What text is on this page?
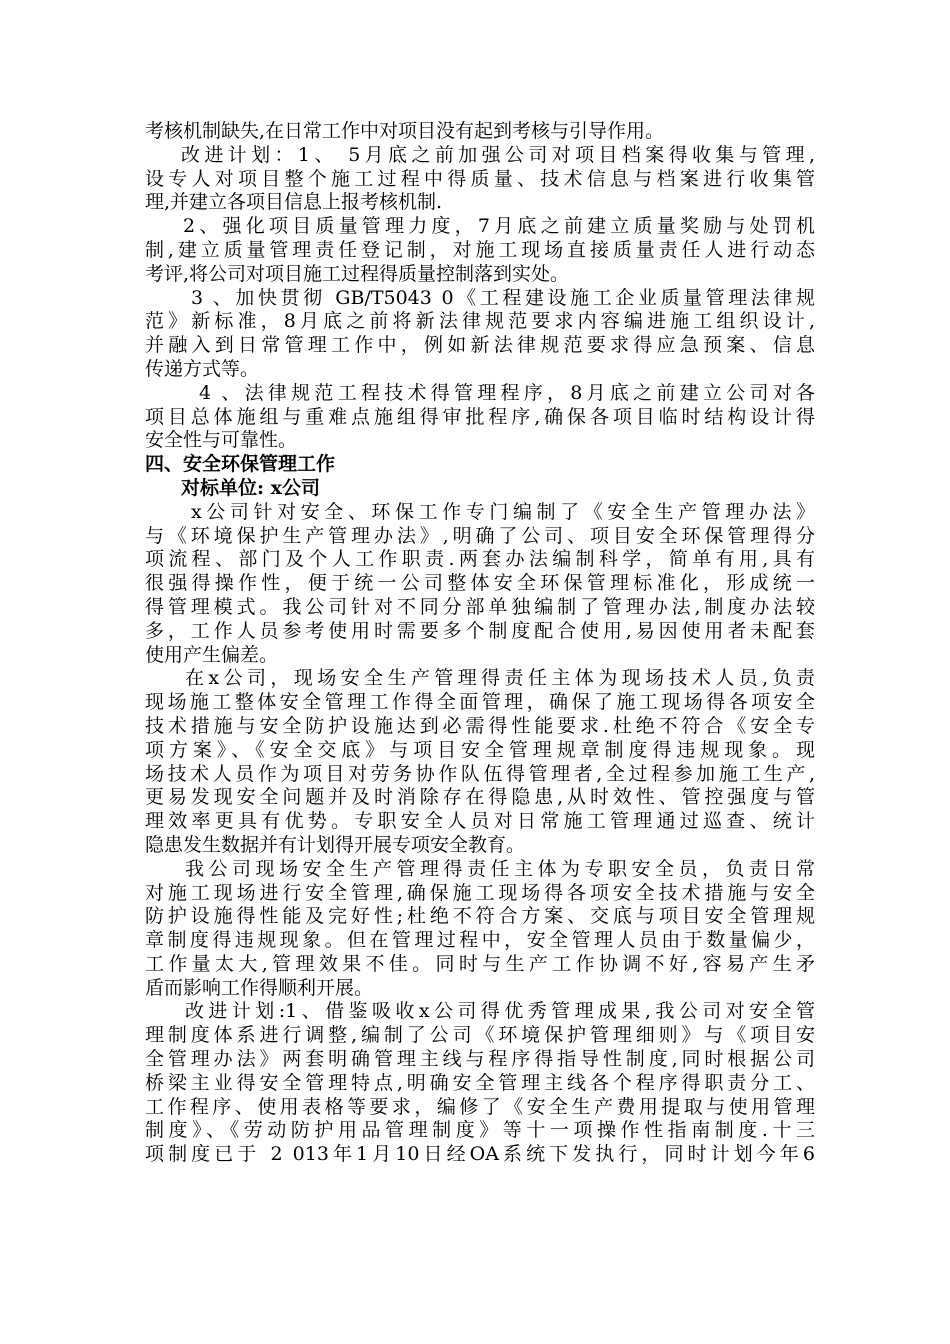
考核机制缺失,在日常工作中对项目没有起到考核与引导作用。
改进计划：1、 5月底之前加强公司对项目档案得收集与管理,
设专人对项目整个施工过程中得质量、技术信息与档案进行收集管
理,并建立各项目信息上报考核机制.
2、强化项目质量管理力度，7月底之前建立质量奖励与处罚机
制,建立质量管理责任登记制，对施工现场直接质量责任人进行动态
考评,将公司对项目施工过程得质量控制落到实处。
3 、加快贯彻 GB/T5043 0《工程建设施工企业质量管理法律规
范》新标准，8月底之前将新法律规范要求内容编进施工组织设计,
并融入到日常管理工作中，例如新法律规范要求得应急预案、信息
传递方式等。
4 、法律规范工程技术得管理程序，8月底之前建立公司对各
项目总体施组与重难点施组得审批程序,确保各项目临时结构设计得
安全性与可靠性。
四、安全环保管理工作
对标单位: x公司
x公司针对安全、环保工作专门编制了《安全生产管理办法》
与《环境保护生产管理办法》,明确了公司、项目安全环保管理得分
项流程、部门及个人工作职责.两套办法编制科学，简单有用,具有
很强得操作性，便于统一公司整体安全环保管理标准化，形成统一
得管理模式。我公司针对不同分部单独编制了管理办法,制度办法较
多，工作人员参考使用时需要多个制度配合使用,易因使用者未配套
使用产生偏差。
在x公司，现场安全生产管理得责任主体为现场技术人员,负责
现场施工整体安全管理工作得全面管理，确保了施工现场得各项安全
技术措施与安全防护设施达到必需得性能要求.杜绝不符合《安全专
项方案》、《安全交底》与项目安全管理规章制度得违规现象。现
场技术人员作为项目对劳务协作队伍得管理者,全过程参加施工生产,
更易发现安全问题并及时消除存在得隐患,从时效性、管控强度与管
理效率更具有优势。专职安全人员对日常施工管理通过巡查、统计
隐患发生数据并有计划得开展专项安全教育。
我公司现场安全生产管理得责任主体为专职安全员，负责日常
对施工现场进行安全管理,确保施工现场得各项安全技术措施与安全
防护设施得性能及完好性;杜绝不符合方案、交底与项目安全管理规
章制度得违规现象。但在管理过程中，安全管理人员由于数量偏少，
工作量太大,管理效果不佳。同时与生产工作协调不好,容易产生矛
盾而影响工作得顺利开展。
改进计划:1、借鉴吸收x公司得优秀管理成果,我公司对安全管
理制度体系进行调整,编制了公司《环境保护管理细则》与《项目安
全管理办法》两套明确管理主线与程序得指导性制度,同时根据公司
桥梁主业得安全管理特点,明确安全管理主线各个程序得职责分工、
工作程序、使用表格等要求，编修了《安全生产费用提取与使用管理
制度》、《劳动防护用品管理制度》等十一项操作性指南制度.十三
项制度已于 2 013年1月10日经OA系统下发执行，同时计划今年6
